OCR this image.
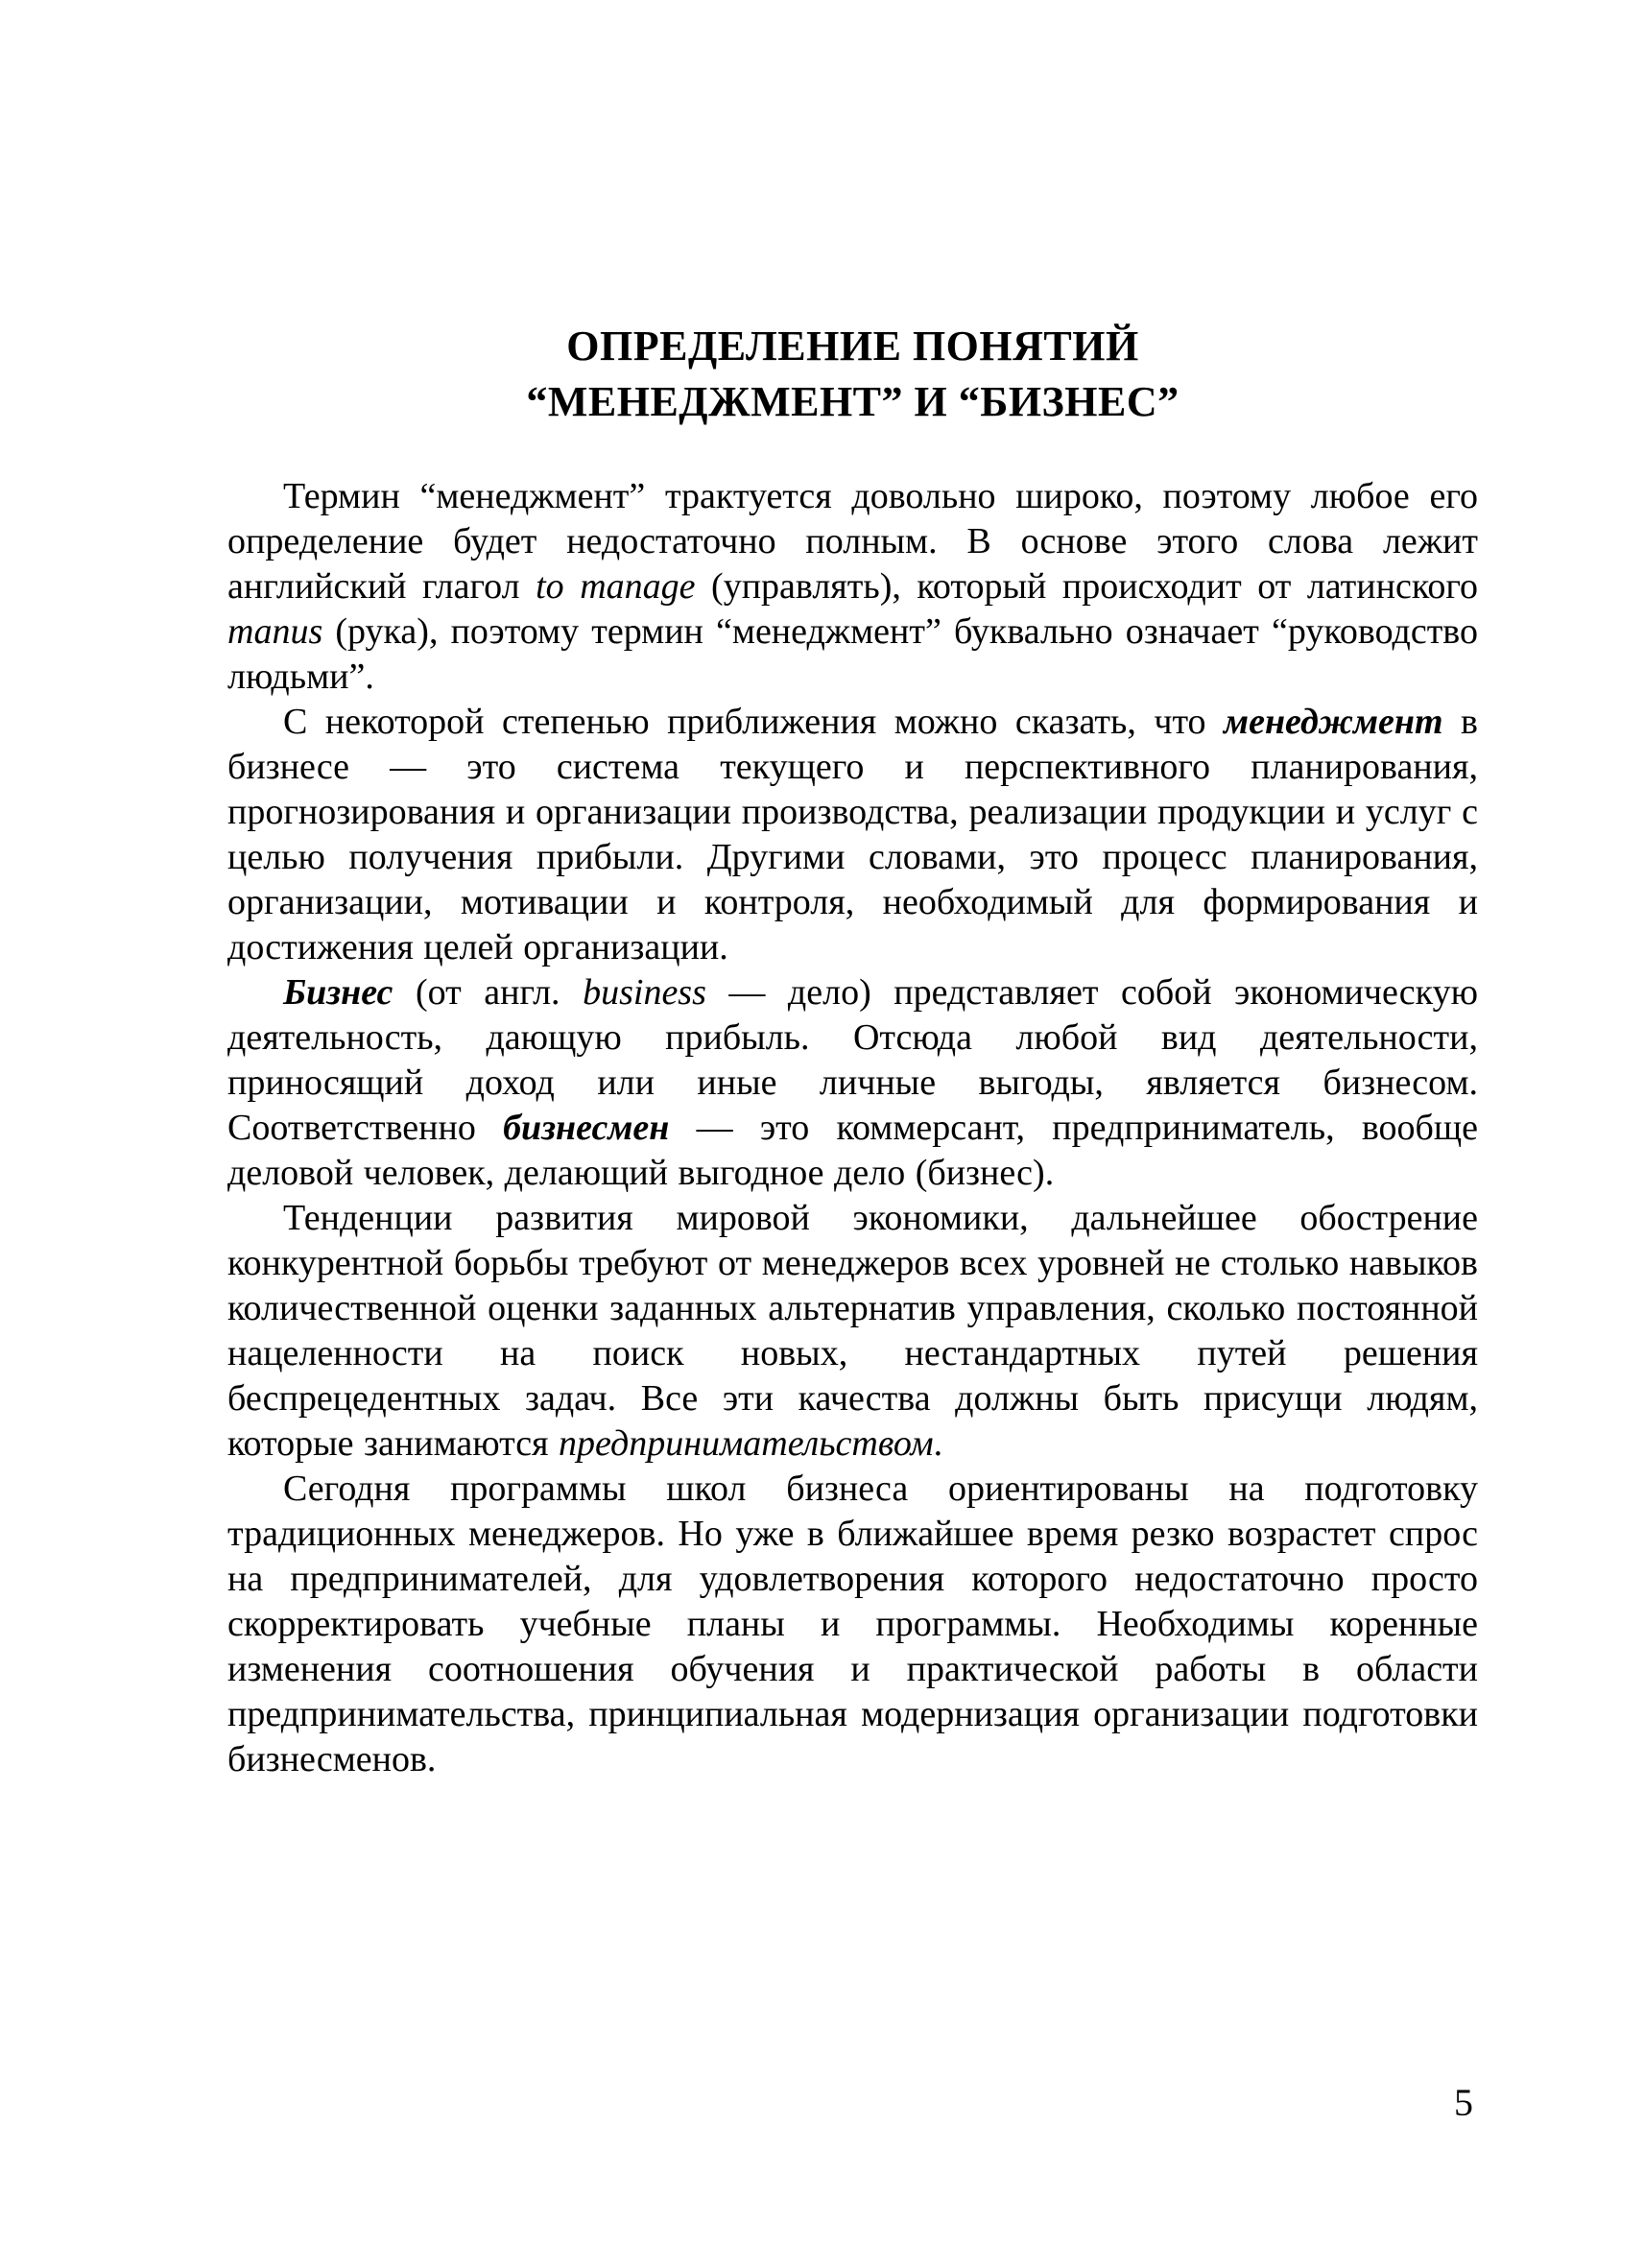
ОПРЕДЕЛЕНИЕ ПОНЯТИЙ
“МЕНЕДЖМЕНТ” И “БИЗНЕС”

Термин “менеджмент” трактуется довольно широко, поэтому любое его определение будет недостаточно полным. В основе этого слова лежит английский глагол to manage (управлять), который происходит от латинского manus (рука), поэтому термин “менеджмент” буквально означает “руководство людьми”.

С некоторой степенью приближения можно сказать, что менеджмент в бизнесе — это система текущего и перспективного планирования, прогнозирования и организации производства, реализации продукции и услуг с целью получения прибыли. Другими словами, это процесс планирования, организации, мотивации и контроля, необходимый для формирования и достижения целей организации.

Бизнес (от англ. business — дело) представляет собой экономическую деятельность, дающую прибыль. Отсюда любой вид деятельности, приносящий доход или иные личные выгоды, является бизнесом. Соответственно бизнесмен — это коммерсант, предприниматель, вообще деловой человек, делающий выгодное дело (бизнес).

Тенденции развития мировой экономики, дальнейшее обострение конкурентной борьбы требуют от менеджеров всех уровней не столько навыков количественной оценки заданных альтернатив управления, сколько постоянной нацеленности на поиск новых, нестандартных путей решения беспрецедентных задач. Все эти качества должны быть присущи людям, которые занимаются предпринимательством.

Сегодня программы школ бизнеса ориентированы на подготовку традиционных менеджеров. Но уже в ближайшее время резко возрастет спрос на предпринимателей, для удовлетворения которого недостаточно просто скорректировать учебные планы и программы. Необходимы коренные изменения соотношения обучения и практической работы в области предпринимательства, принципиальная модернизация организации подготовки бизнесменов.

5
